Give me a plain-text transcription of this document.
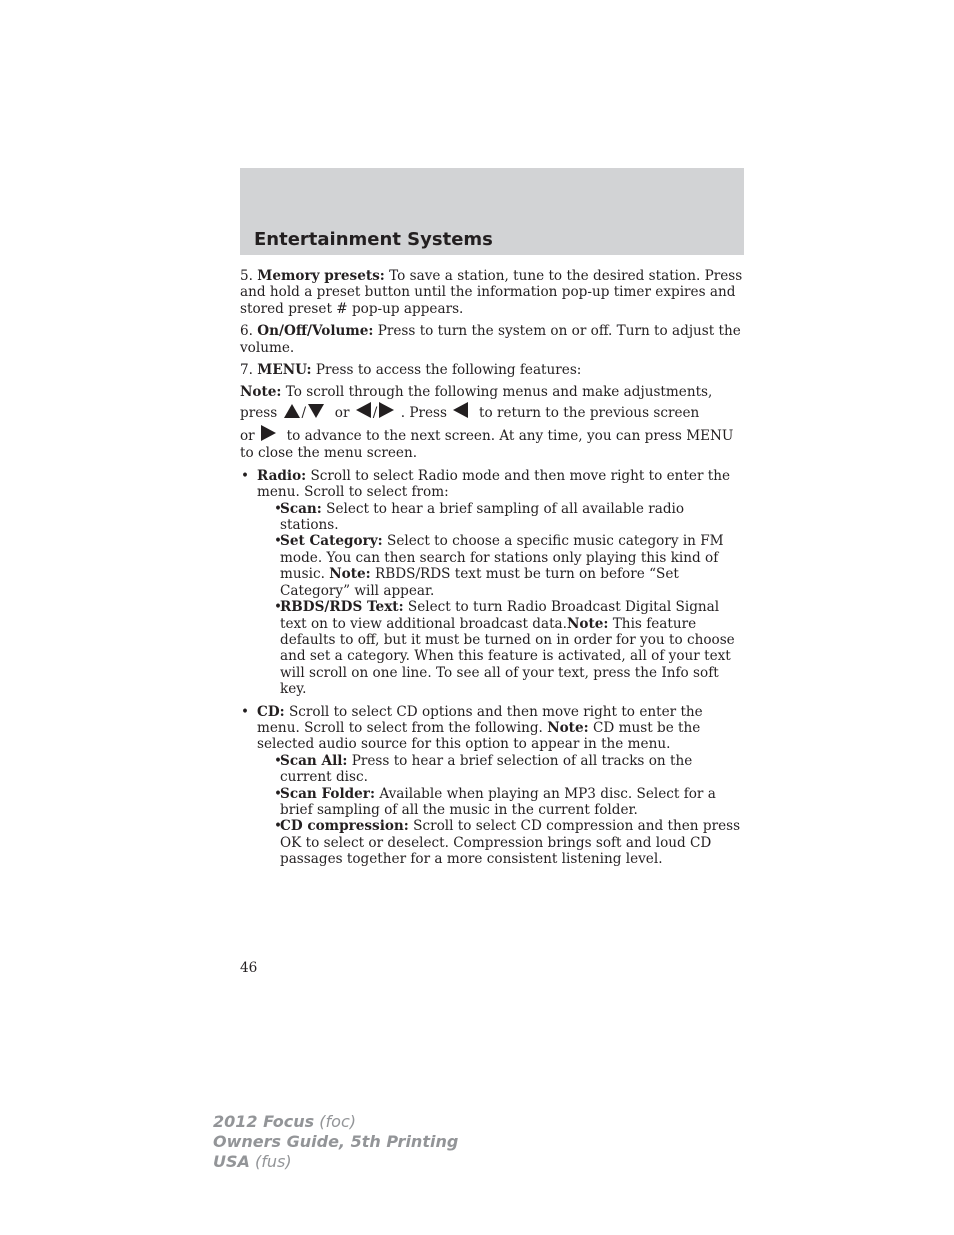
Entertainment Systems

5. Memory presets: To save a station, tune to the desired station. Press and hold a preset button until the information pop-up timer expires and stored preset # pop-up appears.

6. On/Off/Volume: Press to turn the system on or off. Turn to adjust the volume.

7. MENU: Press to access the following features:

Note: To scroll through the following menus and make adjustments,

press / or / . Press to return to the previous screen

or to advance to the next screen. At any time, you can press MENU to close the menu screen.

• Radio: Scroll to select Radio mode and then move right to enter the menu. Scroll to select from:
•
Scan: Select to hear a brief sampling of all available radio stations.
•
Set Category: Select to choose a specific music category in FM mode. You can then search for stations only playing this kind of music. Note: RBDS/RDS text must be turn on before “Set Category” will appear.
•
RBDS/RDS Text: Select to turn Radio Broadcast Digital Signal text on to view additional broadcast data.Note: This feature defaults to off, but it must be turned on in order for you to choose and set a category. When this feature is activated, all of your text will scroll on one line. To see all of your text, press the Info soft key.
• CD: Scroll to select CD options and then move right to enter the menu. Scroll to select from the following. Note: CD must be the selected audio source for this option to appear in the menu.
•
Scan All: Press to hear a brief selection of all tracks on the current disc.
•
Scan Folder: Available when playing an MP3 disc. Select for a brief sampling of all the music in the current folder.
•
CD compression: Scroll to select CD compression and then press OK to select or deselect. Compression brings soft and loud CD passages together for a more consistent listening level.
46
2012 Focus (foc)
Owners Guide, 5th Printing
USA (fus)
